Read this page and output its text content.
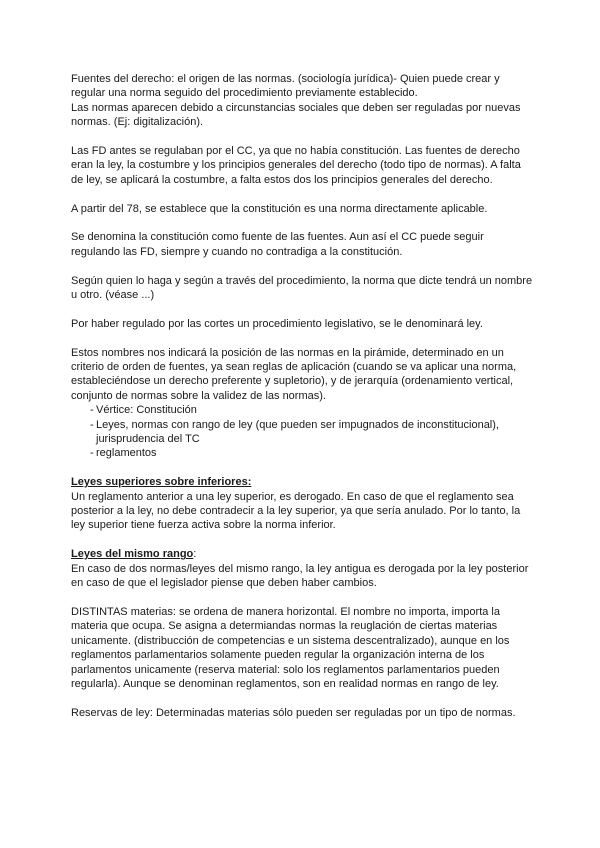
Fuentes del derecho: el origen de las normas. (sociología jurídica)- Quien puede crear y regular una norma seguido del procedimiento previamente establecido.

Las normas aparecen debido a circunstancias sociales que deben ser reguladas por nuevas normas. (Ej: digitalización).

Las FD antes se regulaban por el CC, ya que no había constitución. Las fuentes de derecho eran la ley, la costumbre y los principios generales del derecho (todo tipo de normas). A falta de ley, se aplicará la costumbre, a falta estos dos los principios generales del derecho.

A partir del 78, se establece que la constitución es una norma directamente aplicable.

Se denomina la constitución como fuente de las fuentes. Aun así el CC puede seguir regulando las FD, siempre y cuando no contradiga a la constitución.

Según quien lo haga y según a través del procedimiento, la norma que dicte tendrá un nombre u otro. (véase ...)

Por haber regulado por las cortes un procedimiento legislativo, se le denominará ley.

Estos nombres nos indicará la posición de las normas en la pirámide, determinado en un criterio de orden de fuentes, ya sean reglas de aplicación (cuando se va aplicar una norma, estableciéndose un derecho preferente y supletorio), y de jerarquía (ordenamiento vertical, conjunto de normas sobre la validez de las normas).

- Vértice: Constitución
- Leyes, normas con rango de ley (que pueden ser impugnados de inconstitucional), jurisprudencia del TC
- reglamentos

Leyes superiores sobre inferiores:

Un reglamento anterior a una ley superior, es derogado. En caso de que el reglamento sea posterior a la ley, no debe contradecir a la ley superior, ya que sería anulado. Por lo tanto, la ley superior tiene fuerza activa sobre la norma inferior.

Leyes del mismo rango:

En caso de dos normas/leyes del mismo rango, la ley antigua es derogada por la ley posterior en caso de que el legislador piense que deben haber cambios.

DISTINTAS materias: se ordena de manera horizontal. El nombre no importa, importa la materia que ocupa. Se asigna a determiandas normas la reuglación de ciertas materias unicamente. (distribucción de competencias e un sistema descentralizado), aunque en los reglamentos parlamentarios solamente pueden regular la organización interna de los parlamentos unicamente (reserva material: solo los reglamentos parlamentarios pueden regularla). Aunque se denominan reglamentos, son en realidad normas en rango de ley.

Reservas de ley: Determinadas materias sólo pueden ser reguladas por un tipo de normas.
